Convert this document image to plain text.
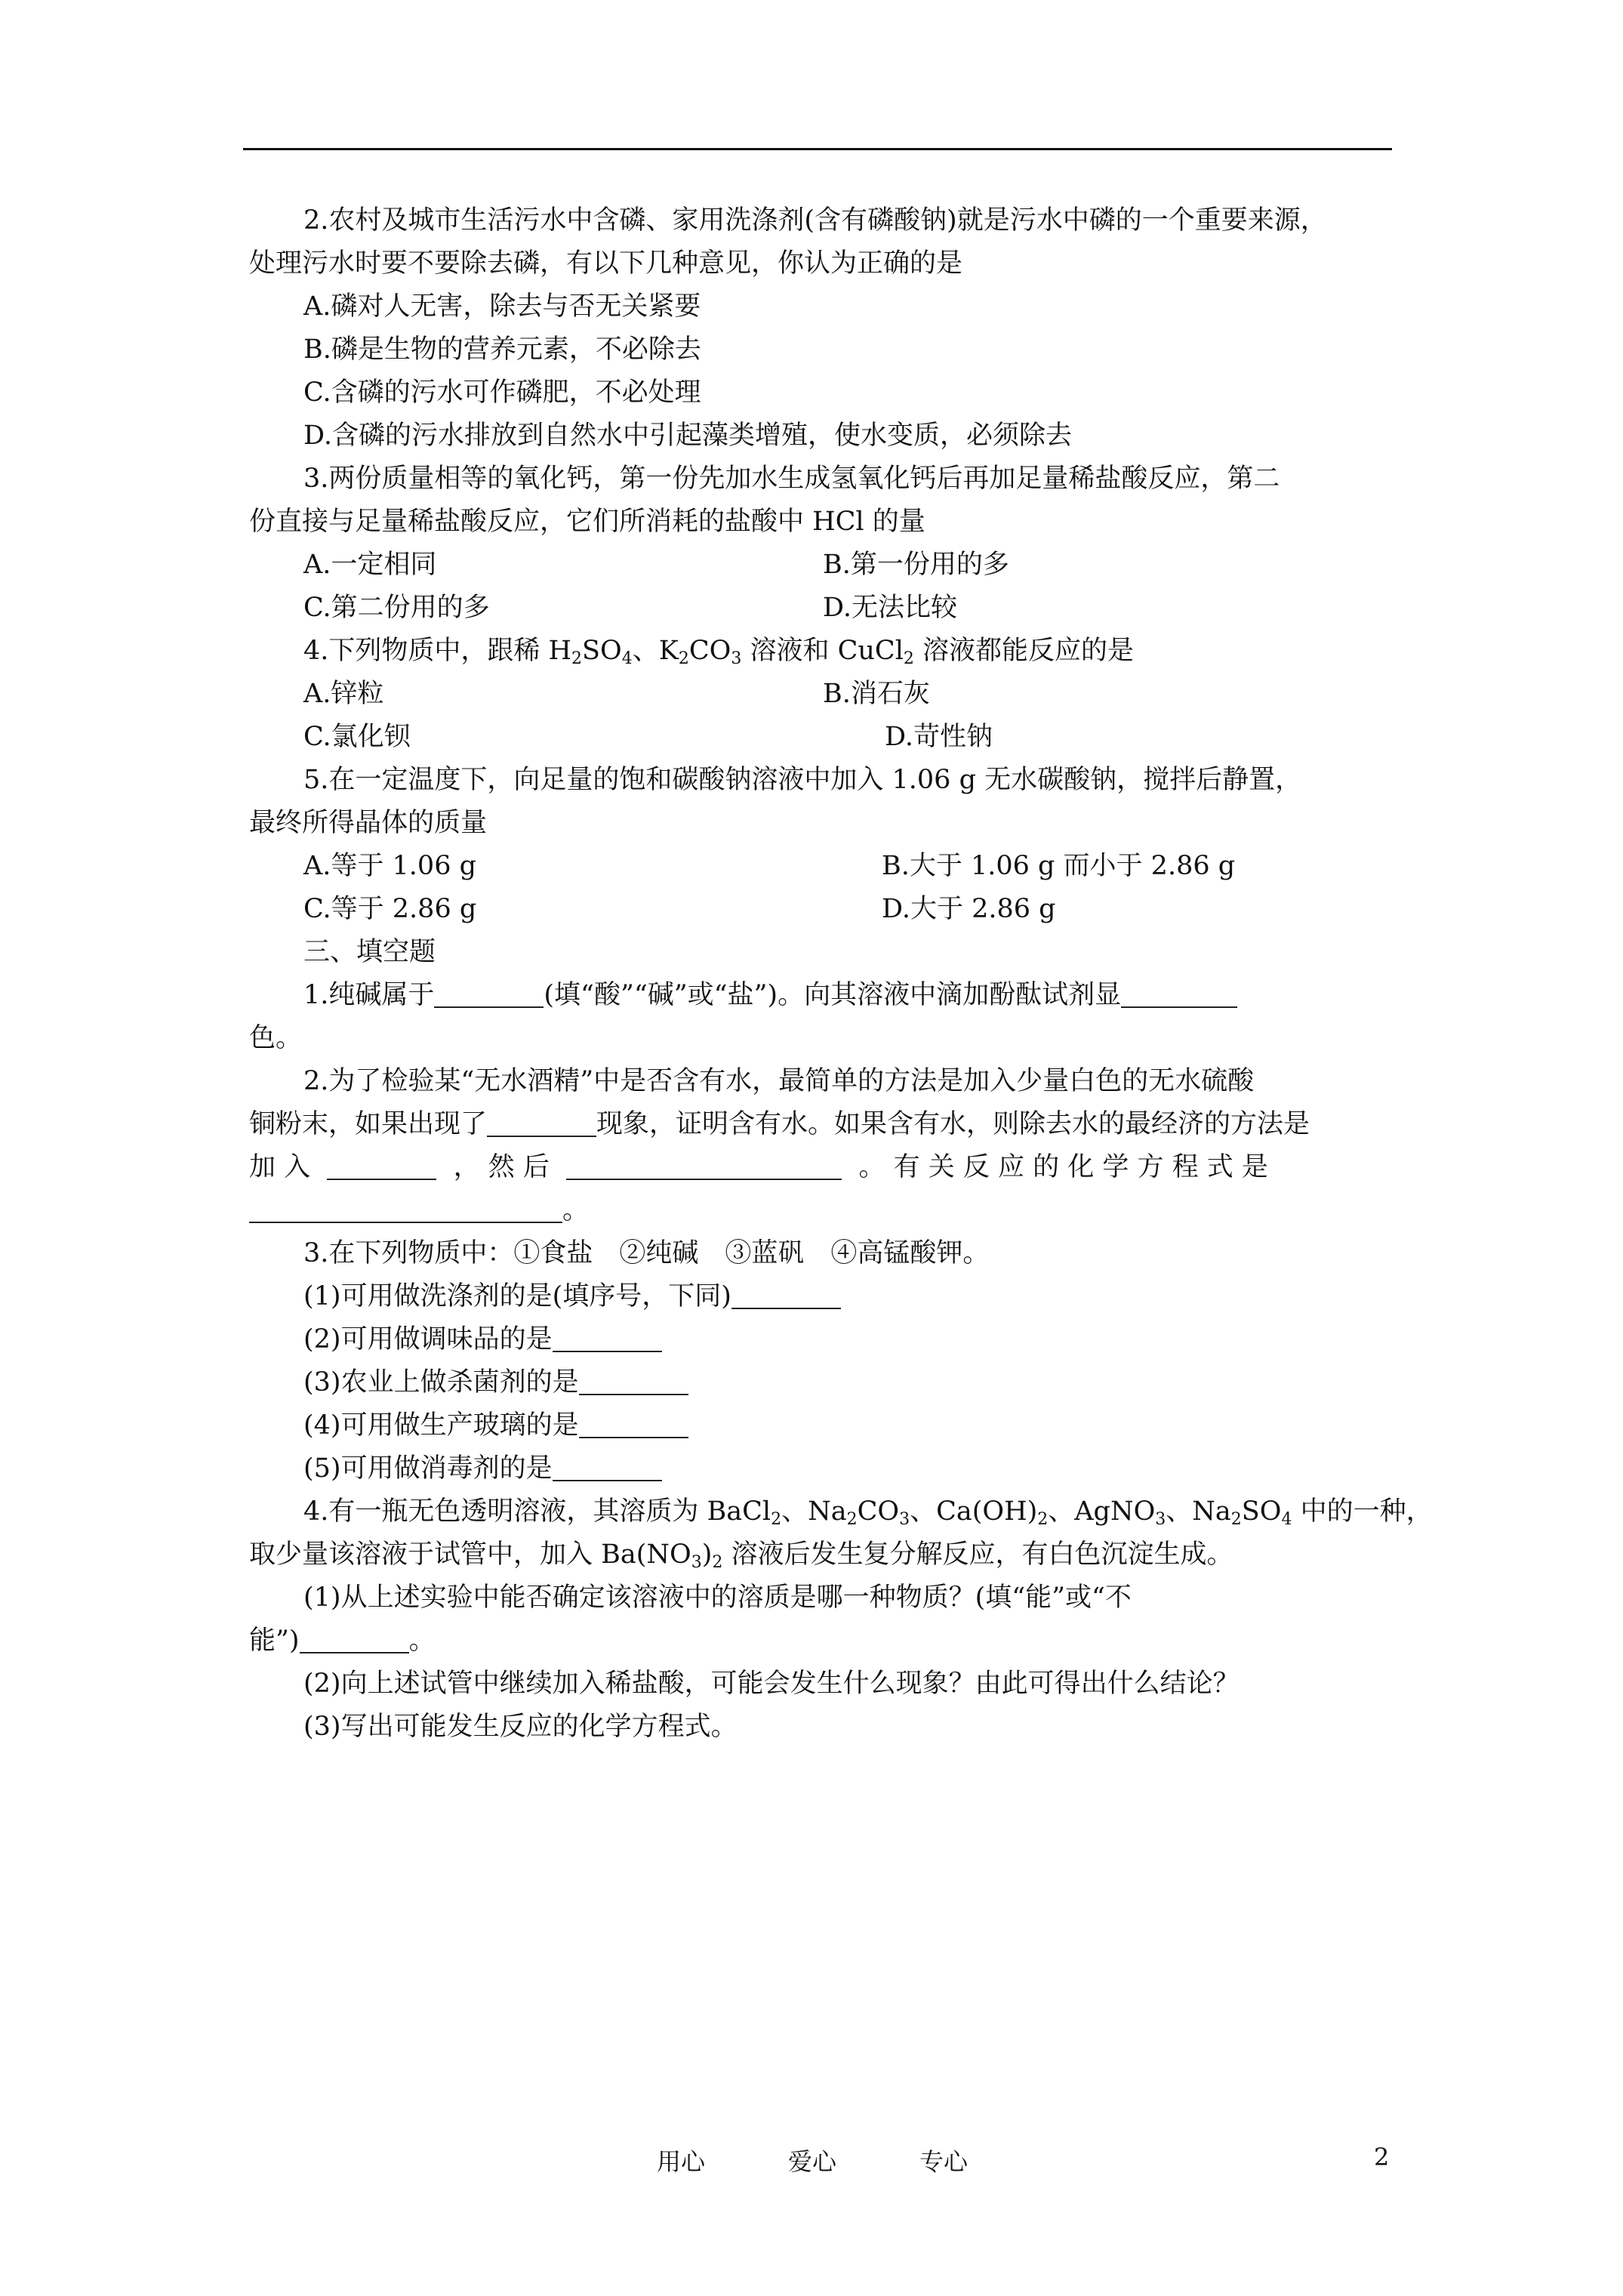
2.农村及城市生活污水中含磷、家用洗涤剂(含有磷酸钠)就是污水中磷的一个重要来源，
处理污水时要不要除去磷，有以下几种意见，你认为正确的是
A.磷对人无害，除去与否无关紧要
B.磷是生物的营养元素，不必除去
C.含磷的污水可作磷肥，不必处理
D.含磷的污水排放到自然水中引起藻类增殖，使水变质，必须除去
3.两份质量相等的氧化钙，第一份先加水生成氢氧化钙后再加足量稀盐酸反应，第二
份直接与足量稀盐酸反应，它们所消耗的盐酸中 HCl 的量
A.一定相同	B.第一份用的多
C.第二份用的多	D.无法比较
4.下列物质中，跟稀 $H_2SO_4$、$K_2CO_3$ 溶液和 CuCl$_2$ 溶液都能反应的是
A.锌粒	B.消石灰
C.氯化钡	D.苛性钠
5.在一定温度下，向足量的饱和碳酸钠溶液中加入 1.06 g 无水碳酸钠，搅拌后静置，
最终所得晶体的质量
A.等于 1.06 g	B.大于 1.06 g 而小于 2.86 g
C.等于 2.86 g	D.大于 2.86 g
三、填空题
1.纯碱属于	(填“酸”“碱”或“盐”)。向其溶液中滴加酚酞试剂显
色。
2.为了检验某“无水酒精”中是否含有水，最简单的方法是加入少量白色的无水硫酸
铜粉末，如果出现了	现象，证明含有水。如果含有水，则除去水的最经济的方法是
加 入	， 然 后	。 有 关 反 应 的 化 学 方 程 式 是
。
3.在下列物质中：①食盐　②纯碱　③蓝矾　④高锰酸钾。
(1)可用做洗涤剂的是(填序号，下同)
(2)可用做调味品的是
(3)农业上做杀菌剂的是
(4)可用做生产玻璃的是
(5)可用做消毒剂的是
4.有一瓶无色透明溶液，其溶质为 BaCl$_2$、$Na_2CO_3$、$Ca(OH)_2$、AgNO$_3$、$Na_2SO_4$ 中的一种，
取少量该溶液于试管中，加入 $Ba(NO_3)_2$ 溶液后发生复分解反应，有白色沉淀生成。
(1)从上述实验中能否确定该溶液中的溶质是哪一种物质？(填“能”或“不
能”)	。
(2)向上述试管中继续加入稀盐酸，可能会发生什么现象？由此可得出什么结论？
(3)写出可能发生反应的化学方程式。
用心	爱心	专心	2
